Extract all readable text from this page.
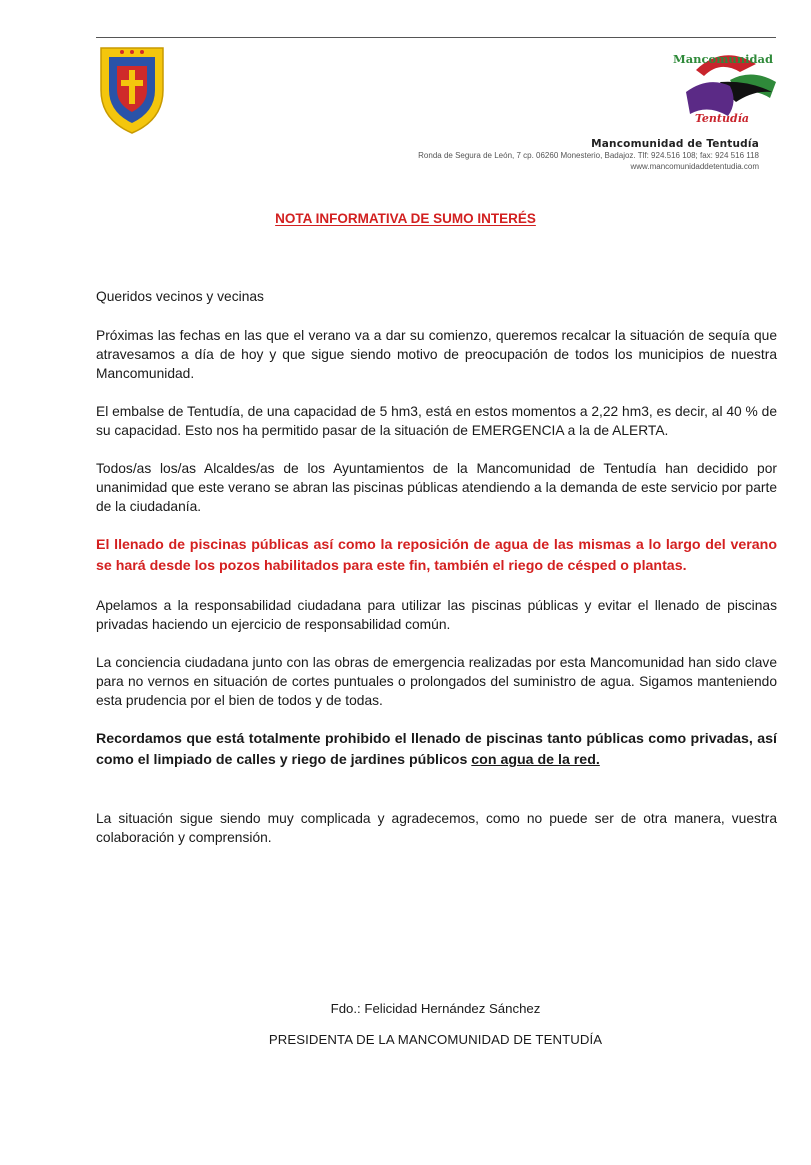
Mancomunidad
Tentudía
Mancomunidad de Tentudía
Ronda de Segura de León, 7 cp. 06260 Monesterio, Badajoz. Tlf: 924.516 108; fax: 924 516 118
www.mancomunidaddetentudia.com
NOTA INFORMATIVA DE SUMO INTERÉS

Queridos vecinos y vecinas

Próximas las fechas en las que el verano va a dar su comienzo, queremos recalcar la situación de sequía que atravesamos a día de hoy y que sigue siendo motivo de preocupación de todos los municipios de nuestra Mancomunidad.

El embalse de Tentudía, de una capacidad de 5 hm3, está en estos momentos a 2,22 hm3, es decir, al 40 % de su capacidad. Esto nos ha permitido pasar de la situación de EMERGENCIA a la de ALERTA.

Todos/as los/as Alcaldes/as de los Ayuntamientos de la Mancomunidad de Tentudía han decidido por unanimidad que este verano se abran las piscinas públicas atendiendo a la demanda de este servicio por parte de la ciudadanía.

El llenado de piscinas públicas así como la reposición de agua de las mismas a lo largo del verano se hará desde los pozos habilitados para este fin, también el riego de césped o plantas.

Apelamos a la responsabilidad ciudadana para utilizar las piscinas públicas y evitar el llenado de piscinas privadas haciendo un ejercicio de responsabilidad común.

La conciencia ciudadana junto con las obras de emergencia realizadas por esta Mancomunidad han sido clave para no vernos en situación de cortes puntuales o prolongados del suministro de agua. Sigamos manteniendo esta prudencia por el bien de todos y de todas.

Recordamos que está totalmente prohibido el llenado de piscinas tanto públicas como privadas, así como el limpiado de calles y riego de jardines públicos con agua de la red.

La situación sigue siendo muy complicada y agradecemos, como no puede ser de otra manera, vuestra colaboración y comprensión.

Fdo.: Felicidad Hernández Sánchez
PRESIDENTA DE LA MANCOMUNIDAD DE TENTUDÍA
